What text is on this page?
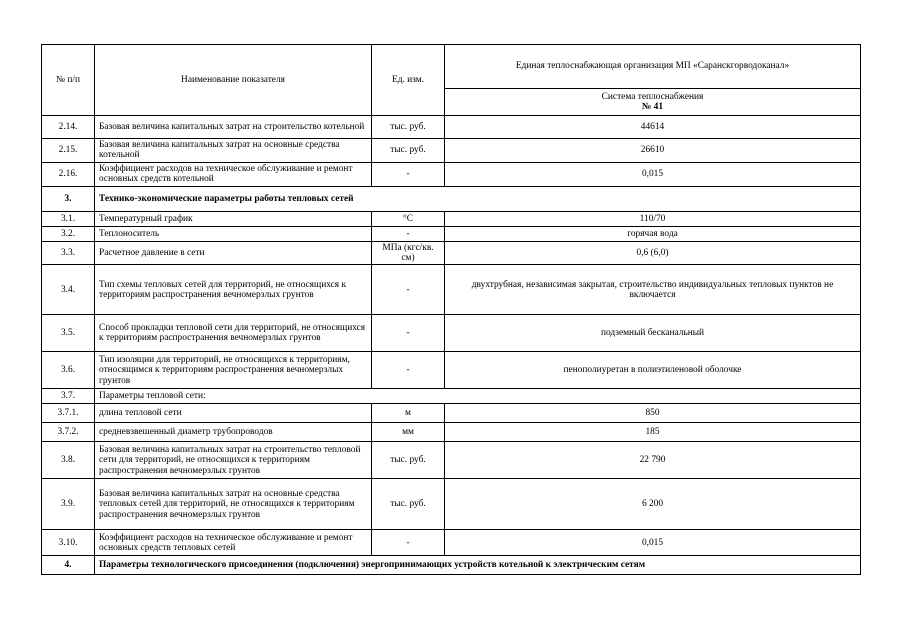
№ п/п	Наименование показателя	Ед. изм.	Единая теплоснабжающая организация МП «Саранскгорводоканал»

			Система теплоснабжения
№ 41

2.14.	Базовая величина капитальных затрат на строительство котельной	тыс. руб.	44614
2.15.	Базовая величина капитальных затрат на основные средства котельной	тыс. руб.	26610
2.16.	Коэффициент расходов на техническое обслуживание и ремонт основных средств котельной	-	0,015
3.	Технико-экономические параметры работы тепловых сетей		
3.1.	Температурный график	°С	110/70
3.2.	Теплоноситель	-	горячая вода
3.3.	Расчетное давление в сети	МПа (кгс/кв. см)	0,6 (6,0)
3.4.	Тип схемы тепловых сетей для территорий, не относящихся к территориям распространения вечномерзлых грунтов	-	двухтрубная, независимая закрытая, строительство индивидуальных тепловых пунктов не включается
3.5.	Способ прокладки тепловой сети для территорий, не относящихся к территориям распространения вечномерзлых грунтов	-	подземный бесканальный
3.6.	Тип изоляции для территорий, не относящихся к территориям, относящимся к территориям распространения вечномерзлых грунтов	-	пенополиуретан в полиэтиленовой оболочке
3.7.	Параметры тепловой сети:		
3.7.1.	длина тепловой сети	м	850
3.7.2.	средневзвешенный диаметр трубопроводов	мм	185
3.8.	Базовая величина капитальных затрат на строительство тепловой сети для территорий, не относящихся к территориям распространения вечномерзлых грунтов	тыс. руб.	22 790
3.9.	Базовая величина капитальных затрат на основные средства тепловых сетей для территорий, не относящихся к территориям распространения вечномерзлых грунтов	тыс. руб.	6 200
3.10.	Коэффициент расходов на техническое обслуживание и ремонт основных средств тепловых сетей	-	0,015
4.	Параметры технологического присоединения (подключения) энергопринимающих устройств котельной к электрическим сетям		
